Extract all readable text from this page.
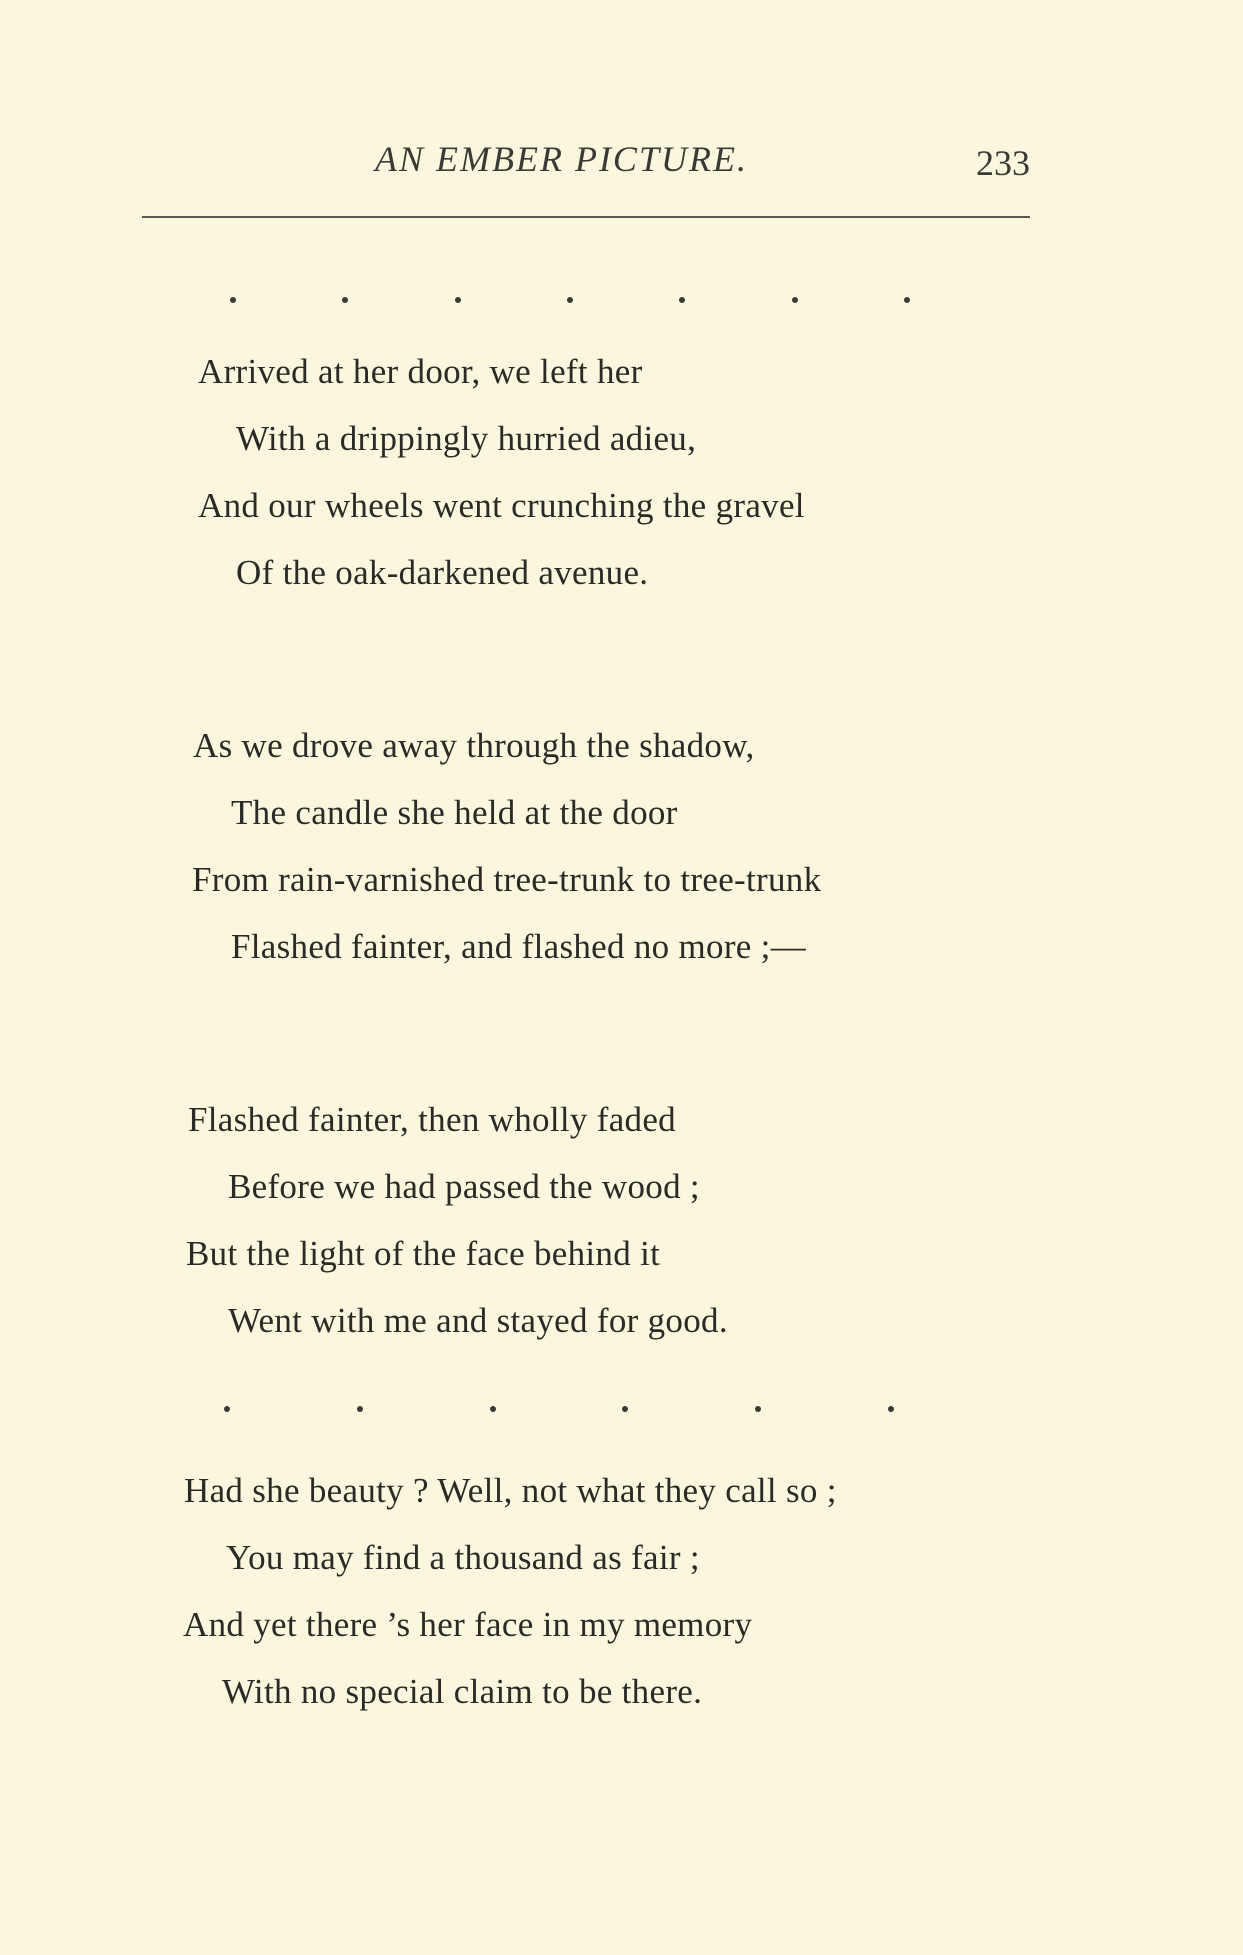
AN EMBER PICTURE.	233
Arrived at her door, we left her
With a drippingly hurried adieu,
And our wheels went crunching the gravel
Of the oak-darkened avenue.
As we drove away through the shadow,
The candle she held at the door
From rain-varnished tree-trunk to tree-trunk
Flashed fainter, and flashed no more ;—
Flashed fainter, then wholly faded
Before we had passed the wood ;
But the light of the face behind it
Went with me and stayed for good.
Had she beauty ? Well, not what they call so ;
You may find a thousand as fair ;
And yet there ’s her face in my memory
With no special claim to be there.
